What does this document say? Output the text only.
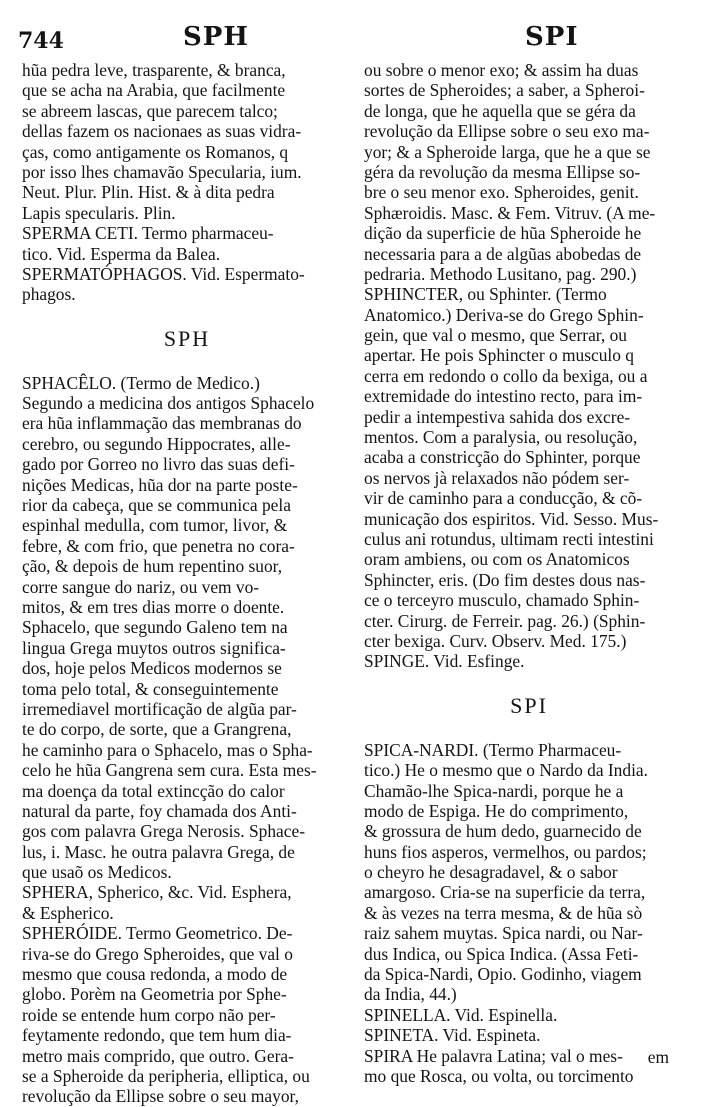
744	SPH	SPI
hũa pedra leve, trasparente, & branca,
que se acha na Arabia, que facilmente
se abreem lascas, que parecem talco;
dellas fazem os nacionaes as suas vidra-
ças, como antigamente os Romanos, q
por isso lhes chamavão Specularia, ium.
Neut. Plur. Plin. Hist. & à dita pedra
Lapis specularis. Plin.
SPERMA CETI. Termo pharmaceu-
tico. Vid. Esperma da Balea.
SPERMATÓPHAGOS. Vid. Espermato-
phagos.
SPH
SPHACÊLO. (Termo de Medico.)
Segundo a medicina dos antigos Sphacelo
era hũa inflammação das membranas do
cerebro, ou segundo Hippocrates, alle-
gado por Gorreo no livro das suas defi-
nições Medicas, hũa dor na parte poste-
rior da cabeça, que se communica pela
espinhal medulla, com tumor, livor, &
febre, & com frio, que penetra no cora-
ção, & depois de hum repentino suor,
corre sangue do nariz, ou vem vo-
mitos, & em tres dias morre o doente.
Sphacelo, que segundo Galeno tem na
lingua Grega muytos outros significa-
dos, hoje pelos Medicos modernos se
toma pelo total, & conseguintemente
irremediavel mortificação de algũa par-
te do corpo, de sorte, que a Grangrena,
he caminho para o Sphacelo, mas o Spha-
celo he hũa Gangrena sem cura. Esta mes-
ma doença da total extincção do calor
natural da parte, foy chamada dos Anti-
gos com palavra Grega Nerosis. Sphace-
lus, i. Masc. he outra palavra Grega, de
que usaõ os Medicos.
SPHERA, Spherico, &c. Vid. Esphera,
& Espherico.
SPHERÓIDE. Termo Geometrico. De-
riva-se do Grego Spheroides, que val o
mesmo que cousa redonda, a modo de
globo. Porèm na Geometria por Sphe-
roide se entende hum corpo não per-
feytamente redondo, que tem hum dia-
metro mais comprido, que outro. Gera-
se a Spheroide da peripheria, elliptica, ou
revolução da Ellipse sobre o seu mayor,
ou sobre o menor exo; & assim ha duas
sortes de Spheroides; a saber, a Spheroi-
de longa, que he aquella que se géra da
revolução da Ellipse sobre o seu exo ma-
yor; & a Spheroide larga, que he a que se
géra da revolução da mesma Ellipse so-
bre o seu menor exo. Spheroides, genit.
Sphæroidis. Masc. & Fem. Vitruv. (A me-
dição da superficie de hũa Spheroide he
necessaria para a de algũas abobedas de
pedraria. Methodo Lusitano, pag. 290.)
SPHINCTER, ou Sphinter. (Termo
Anatomico.) Deriva-se do Grego Sphin-
gein, que val o mesmo, que Serrar, ou
apertar. He pois Sphincter o musculo q
cerra em redondo o collo da bexiga, ou a
extremidade do intestino recto, para im-
pedir a intempestiva sahida dos excre-
mentos. Com a paralysia, ou resolução,
acaba a constricção do Sphinter, porque
os nervos jà relaxados não pódem ser-
vir de caminho para a conducção, & cõ-
municação dos espiritos. Vid. Sesso. Mus-
culus ani rotundus, ultimam recti intestini
oram ambiens, ou com os Anatomicos
Sphincter, eris. (Do fim destes dous nas-
ce o terceyro musculo, chamado Sphin-
cter. Cirurg. de Ferreir. pag. 26.) (Sphin-
cter bexiga. Curv. Observ. Med. 175.)
SPINGE. Vid. Esfinge.
SPI
SPICA-NARDI. (Termo Pharmaceu-
tico.) He o mesmo que o Nardo da India.
Chamão-lhe Spica-nardi, porque he a
modo de Espiga. He do comprimento,
& grossura de hum dedo, guarnecido de
huns fios asperos, vermelhos, ou pardos;
o cheyro he desagradavel, & o sabor
amargoso. Cria-se na superficie da terra,
& às vezes na terra mesma, & de hũa sò
raiz sahem muytas. Spica nardi, ou Nar-
dus Indica, ou Spica Indica. (Assa Feti-
da Spica-Nardi, Opio. Godinho, viagem
da India, 44.)
SPINELLA. Vid. Espinella.
SPINETA. Vid. Espineta.
SPIRA He palavra Latina; val o mes-
mo que Rosca, ou volta, ou torcimento
em
